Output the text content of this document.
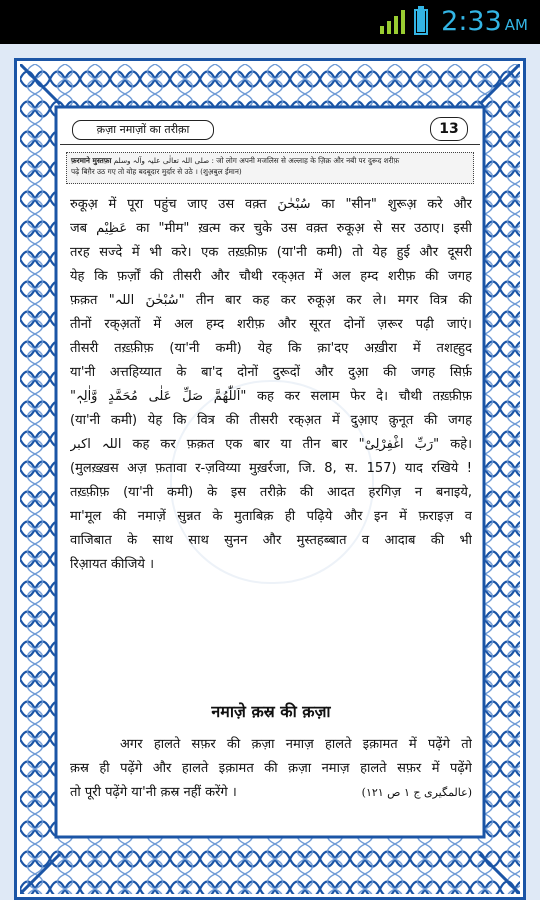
2:33 AM
क़ज़ा नमाज़ों का तरीक़ा	13
फ़रमाने मुस्तफ़ा صلی اللہ تعالٰی علیہ وآلہ وسلم : जो लोग अपनी मजलिस से अल्लाह के ज़िक्र और नबी पर दुरूद शरीफ़
पढ़े बिग़ैर उठ गए तो वोह बदबूदार मुर्दार से उठे । (शुअ़बुल ईमान)
रुकूअ़ में पूरा पहुंच जाए उस वक़्त سُبْحٰنَ का "सीन" शुरूअ़ करे और
जब عَظِیْم का "मीम" ख़त्म कर चुके उस वक़्त रुकूअ़ से सर उठाए। इसी
तरह सज्दे में भी करे। एक तख़्फ़ीफ़ (या'नी कमी) तो येह हुई और दूसरी
येह कि फ़र्ज़ों की तीसरी और चौथी रक्अ़त में अल हम्द शरीफ़ की जगह
फ़क़त "سُبْحٰنَ اللہ" तीन बार कह कर रुकूअ़ कर ले। मगर वित्र की
तीनों रक्अ़तों में अल हम्द शरीफ़ और सूरत दोनों ज़रूर पढ़ी जाएं।
तीसरी तख़्फ़ीफ़ (या'नी कमी) येह कि क़ा'दए अख़ीरा में तशह्हुद
या'नी अत्तहिय्यात के बा'द दोनों दुरूदों और दुआ़ की जगह सिर्फ़
"اَللّٰھُمَّ صَلِّ عَلٰی مُحَمَّدٍ وَّاٰلِہٖ" कह कर सलाम फेर दे। चौथी तख़्फ़ीफ़
(या'नी कमी) येह कि वित्र की तीसरी रक्अ़त में दुआ़ए क़ुनूत की जगह
اللہ اکبر कह कर फ़क़त एक बार या तीन बार "رَبِّ اغْفِرْلِیْ" कहे।
(मुलख़्ख़स अज़ फ़तावा र-ज़विय्या मुख़र्रजा, जि. 8, स. 157) याद रखिये !
तख़्फ़ीफ़ (या'नी कमी) के इस तरीक़े की आदत हरगिज़ न बनाइये,
मा'मूल की नमाज़ें सुन्नत के मुताबिक़ ही पढ़िये और इन में फ़राइज़ व
वाजिबात के साथ साथ सुनन और मुस्तहब्बात व आदाब की भी
रिआ़यत कीजिये ।
नमाज़े क़स्र की क़ज़ा
अगर हालते सफ़र की क़ज़ा नमाज़ हालते इक़ामत में पढ़ेंगे तो
क़स्र ही पढ़ेंगे और हालते इक़ामत की क़ज़ा नमाज़ हालते सफ़र में पढ़ेंगे
तो पूरी पढ़ेंगे या'नी क़स्र नहीं करेंगे ।	(عالمگیری ج ۱ ص ۱۲۱)
